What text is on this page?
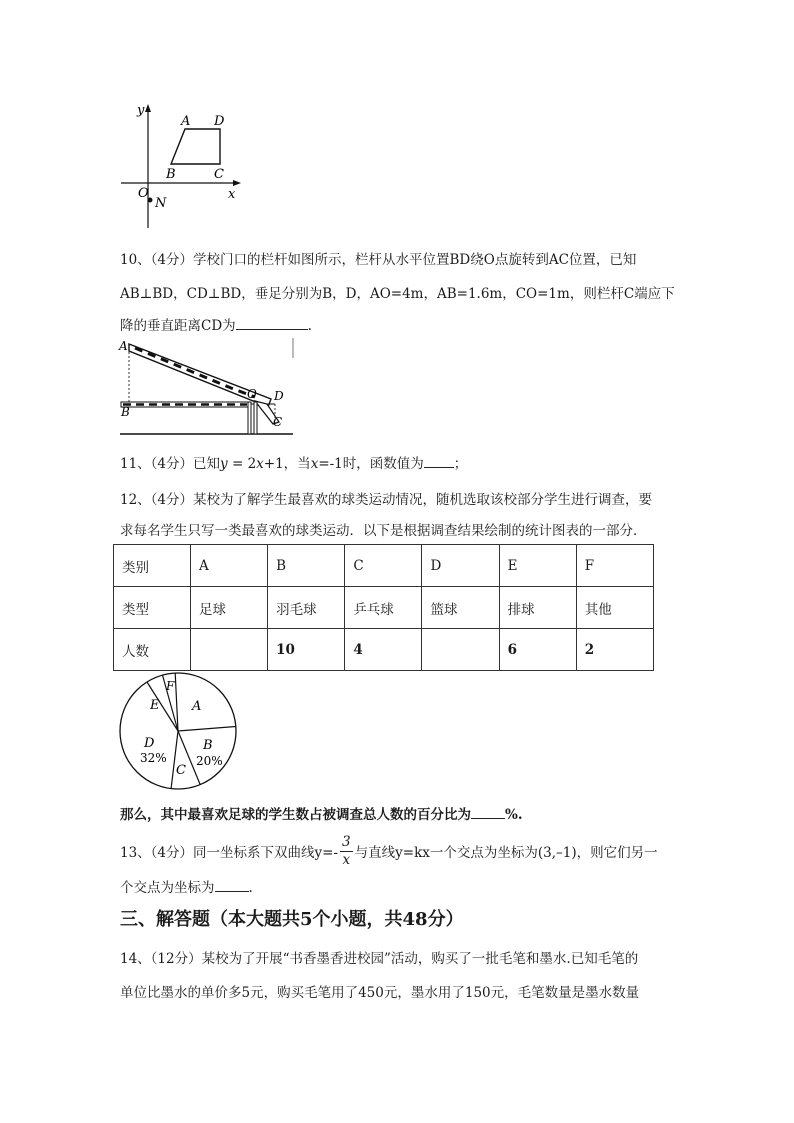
y
x
O
N
A D
B	C
10、（4分）学校门口的栏杆如图所示，栏杆从水平位置BD绕O点旋转到AC位置，已知
AB⊥BD，CD⊥BD，垂足分别为B，D，AO=4m，AB=1.6m，CO=1m，则栏杆C端应下
降的垂直距离CD为	.
A
B
O D
C
11、（4分）已知y = 2x+1，当x=-1时，函数值为 ；
12、（4分）某校为了解学生最喜欢的球类运动情况，随机选取该校部分学生进行调查，要
求每名学生只写一类最喜欢的球类运动．以下是根据调查结果绘制的统计图表的一部分．
类别	A	B	C	D	E	F
类型	足球	羽毛球	乒乓球	篮球	排球	其他
人数		10	4		6	2
A
B
20%
C
D
32%
E
F
那么，其中最喜欢足球的学生数占被调查总人数的百分比为	%.
13、（4分）同一坐标系下双曲线$y=- \frac{3}{x}$ 与直线y=kx一个交点为坐标为(3,–1)，则它们另一
个交点为坐标为	.
三、解答题（本大题共5个小题，共48分）
14、（12分）某校为了开展“书香墨香进校园”活动，购买了一批毛笔和墨水.已知毛笔的
单位比墨水的单价多5元，购买毛笔用了450元，墨水用了150元，毛笔数量是墨水数量
